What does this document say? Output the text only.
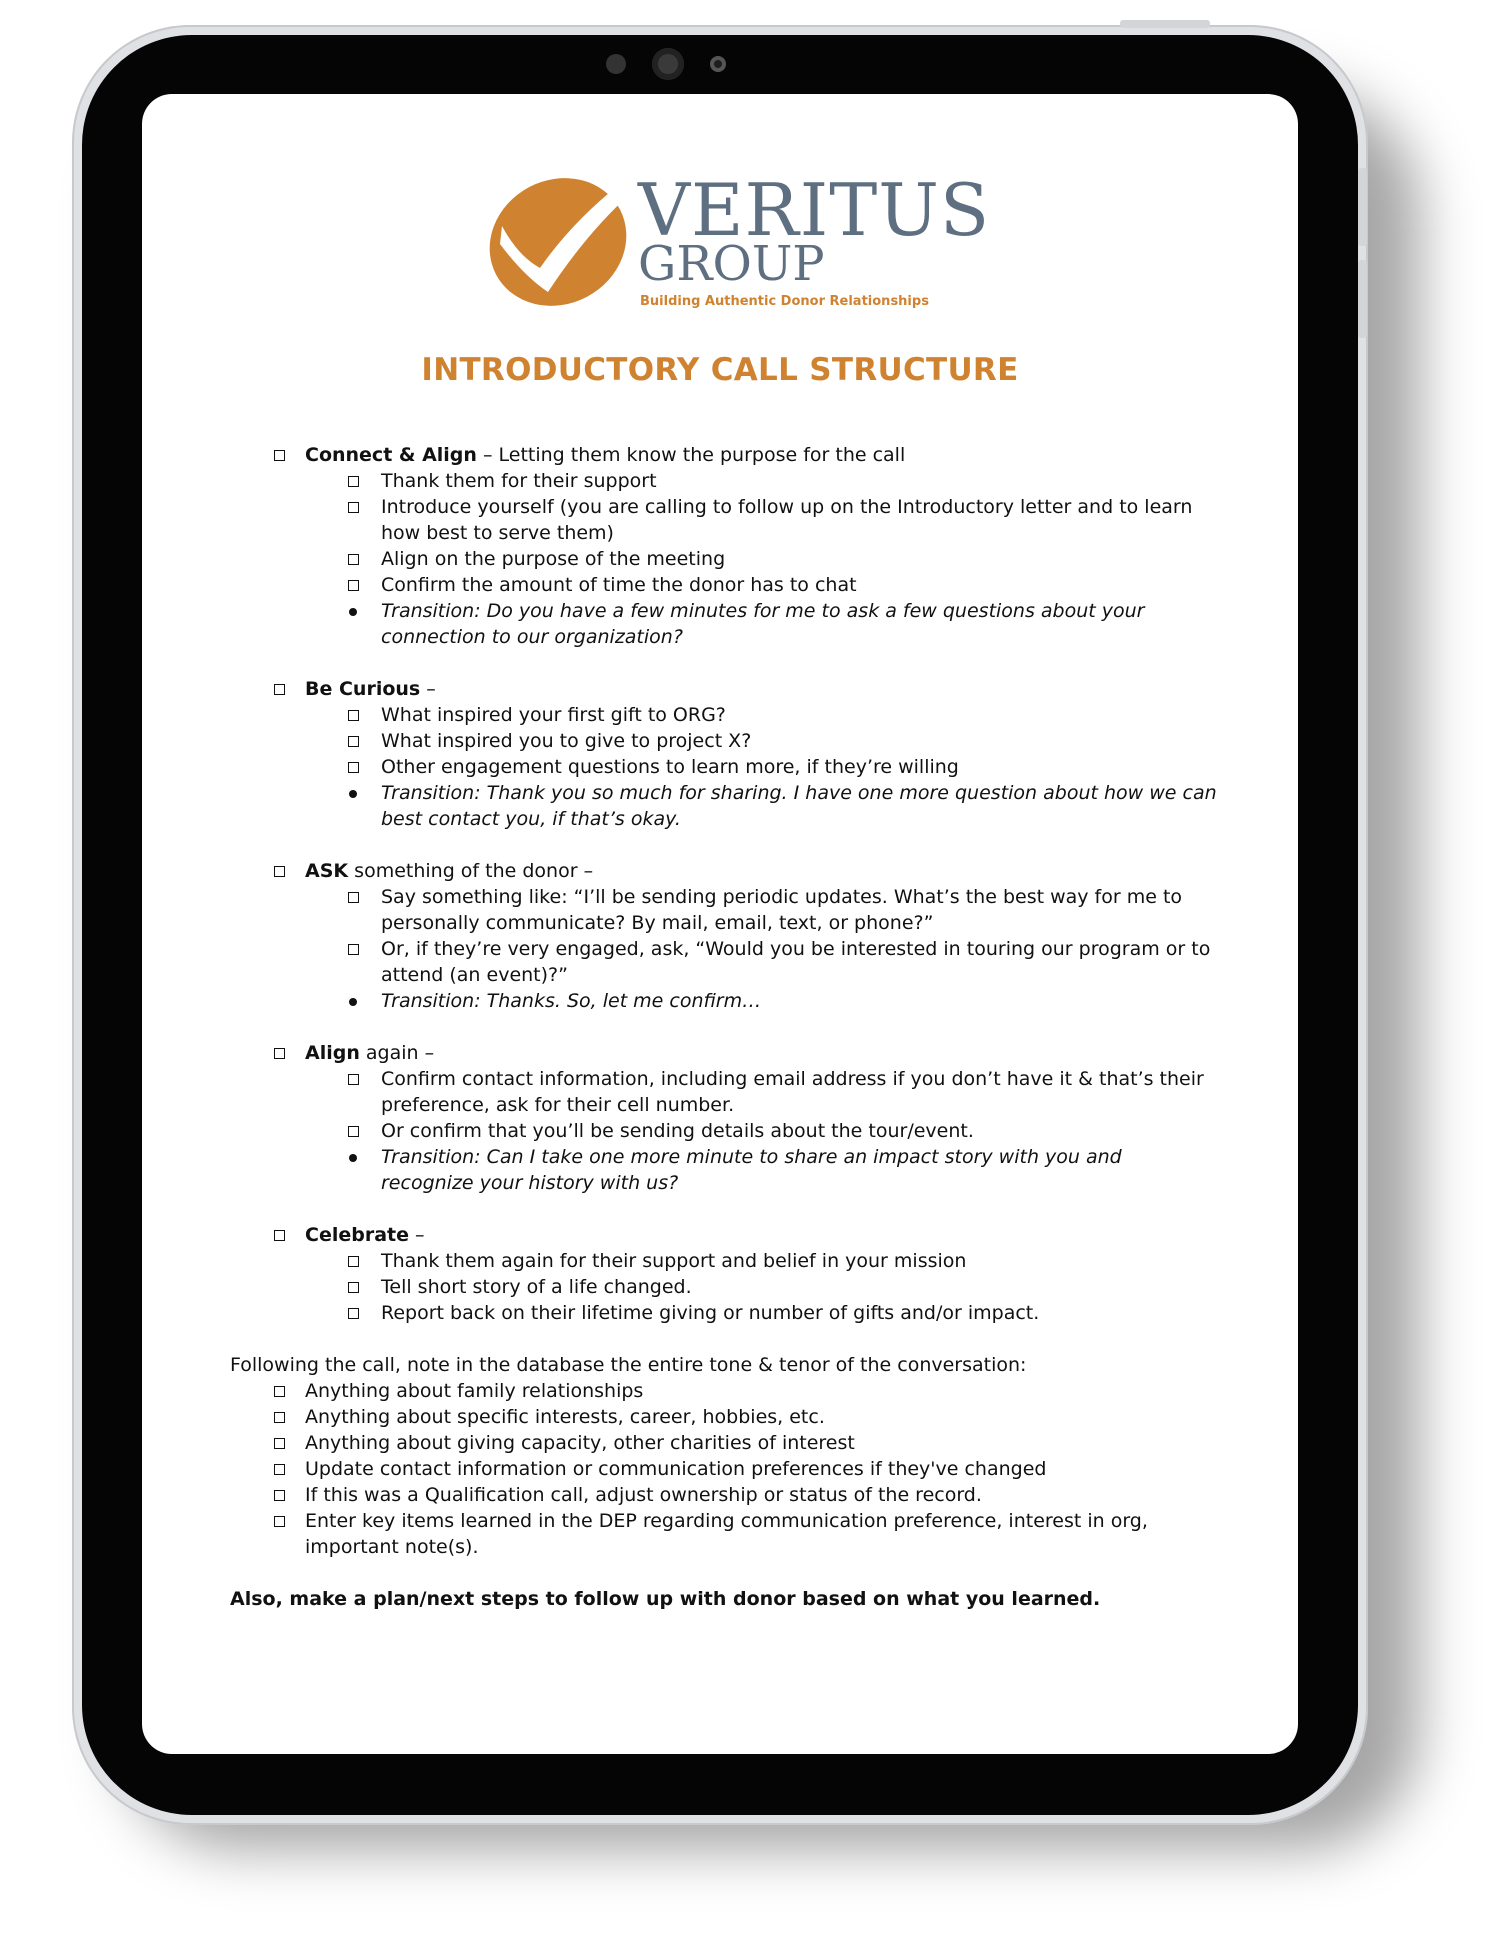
VERITUS
GROUP
Building Authentic Donor Relationships
INTRODUCTORY CALL STRUCTURE
Connect & Align – Letting them know the purpose for the call
Thank them for their support
Introduce yourself (you are calling to follow up on the Introductory letter and to learn how best to serve them)
Align on the purpose of the meeting
Confirm the amount of time the donor has to chat
Transition: Do you have a few minutes for me to ask a few questions about your connection to our organization?
Be Curious –
What inspired your first gift to ORG?
What inspired you to give to project X?
Other engagement questions to learn more, if they’re willing
Transition: Thank you so much for sharing. I have one more question about how we can best contact you, if that’s okay.
ASK something of the donor –
Say something like: “I’ll be sending periodic updates. What’s the best way for me to personally communicate? By mail, email, text, or phone?”
Or, if they’re very engaged, ask, “Would you be interested in touring our program or to attend (an event)?”
Transition: Thanks. So, let me confirm…
Align again –
Confirm contact information, including email address if you don’t have it & that’s their preference, ask for their cell number.
Or confirm that you’ll be sending details about the tour/event.
Transition: Can I take one more minute to share an impact story with you and recognize your history with us?
Celebrate –
Thank them again for their support and belief in your mission
Tell short story of a life changed.
Report back on their lifetime giving or number of gifts and/or impact.
Following the call, note in the database the entire tone & tenor of the conversation:
Anything about family relationships
Anything about specific interests, career, hobbies, etc.
Anything about giving capacity, other charities of interest
Update contact information or communication preferences if they've changed
If this was a Qualification call, adjust ownership or status of the record.
Enter key items learned in the DEP regarding communication preference, interest in org, important note(s).
Also, make a plan/next steps to follow up with donor based on what you learned.
